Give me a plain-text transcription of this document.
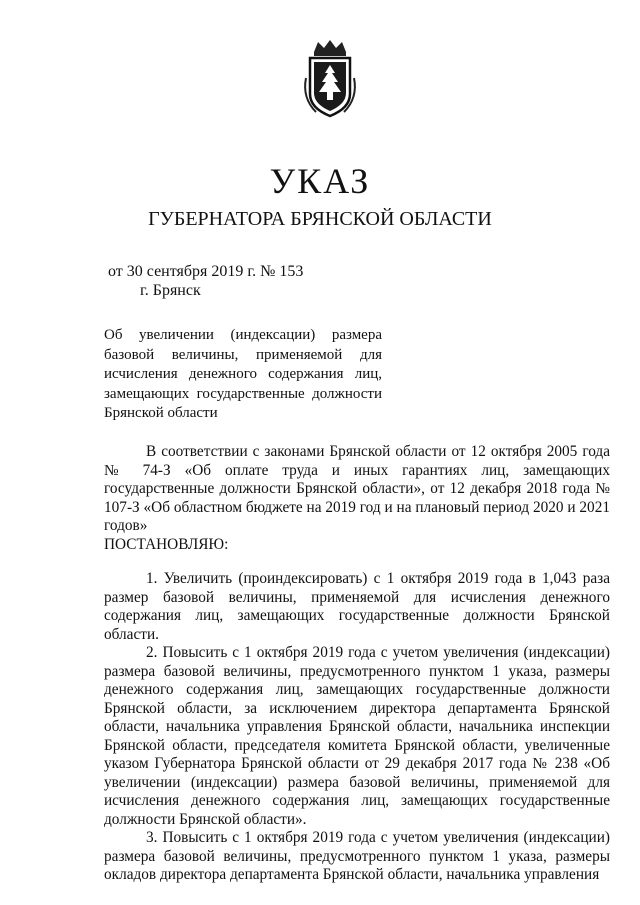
УКАЗ
ГУБЕРНАТОРА БРЯНСКОЙ ОБЛАСТИ
от 30 сентября 2019 г. № 153
г. Брянск
Об увеличении (индексации) размера базовой величины, применяемой для исчисления денежного содержания лиц, замещающих государственные должности Брянской области

В соответствии с законами Брянской области от 12 октября 2005 года № 74-З «Об оплате труда и иных гарантиях лиц, замещающих государственные должности Брянской области», от 12 декабря 2018 года № 107-З «Об областном бюджете на 2019 год и на плановый период 2020 и 2021 годов»

ПОСТАНОВЛЯЮ:

1. Увеличить (проиндексировать) с 1 октября 2019 года в 1,043 раза размер базовой величины, применяемой для исчисления денежного содержания лиц, замещающих государственные должности Брянской области.

2. Повысить с 1 октября 2019 года с учетом увеличения (индексации) размера базовой величины, предусмотренного пунктом 1 указа, размеры денежного содержания лиц, замещающих государственные должности Брянской области, за исключением директора департамента Брянской области, начальника управления Брянской области, начальника инспекции Брянской области, председателя комитета Брянской области, увеличенные указом Губернатора Брянской области от 29 декабря 2017 года № 238 «Об увеличении (индексации) размера базовой величины, применяемой для исчисления денежного содержания лиц, замещающих государственные должности Брянской области».

3. Повысить с 1 октября 2019 года с учетом увеличения (индексации) размера базовой величины, предусмотренного пунктом 1 указа, размеры окладов директора департамента Брянской области, начальника управления
